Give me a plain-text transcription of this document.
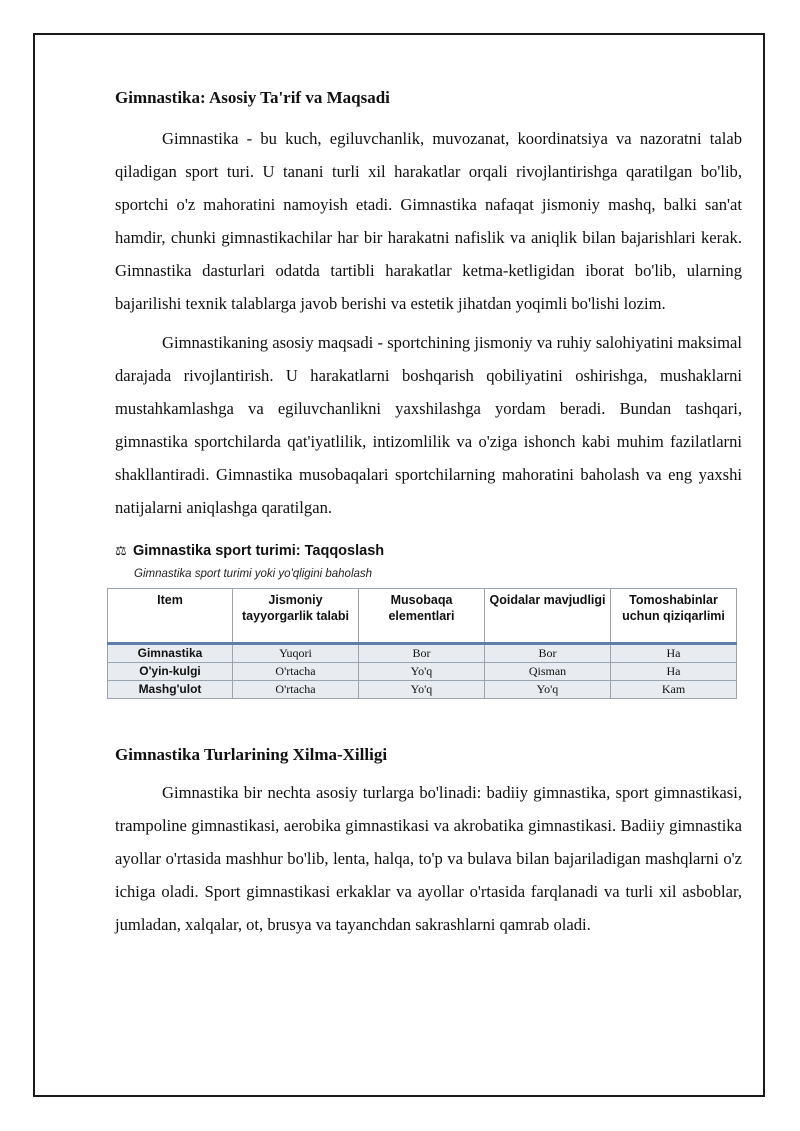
Gimnastika: Asosiy Ta'rif va Maqsadi

Gimnastika - bu kuch, egiluvchanlik, muvozanat, koordinatsiya va nazoratni talab qiladigan sport turi. U tanani turli xil harakatlar orqali rivojlantirishga qaratilgan bo'lib, sportchi o'z mahoratini namoyish etadi. Gimnastika nafaqat jismoniy mashq, balki san'at hamdir, chunki gimnastikachilar har bir harakatni nafislik va aniqlik bilan bajarishlari kerak. Gimnastika dasturlari odatda tartibli harakatlar ketma-ketligidan iborat bo'lib, ularning bajarilishi texnik talablarga javob berishi va estetik jihatdan yoqimli bo'lishi lozim.

Gimnastikaning asosiy maqsadi - sportchining jismoniy va ruhiy salohiyatini maksimal darajada rivojlantirish. U harakatlarni boshqarish qobiliyatini oshirishga, mushaklarni mustahkamlashga va egiluvchanlikni yaxshilashga yordam beradi. Bundan tashqari, gimnastika sportchilarda qat'iyatlilik, intizomlilik va o'ziga ishonch kabi muhim fazilatlarni shakllantiradi. Gimnastika musobaqalari sportchilarning mahoratini baholash va eng yaxshi natijalarni aniqlashga qaratilgan.

⚖ Gimnastika sport turimi: Taqqoslash
Gimnastika sport turimi yoki yo'qligini baholash
Item	Jismoniy tayyorgarlik talabi	Musobaqa elementlari	Qoidalar mavjudligi	Tomoshabinlar uchun qiziqarlimi
Gimnastika	Yuqori	Bor	Bor	Ha
O'yin-kulgi	O'rtacha	Yo'q	Qisman	Ha
Mashg'ulot	O'rtacha	Yo'q	Yo'q	Kam
Gimnastika Turlarining Xilma-Xilligi

Gimnastika bir nechta asosiy turlarga bo'linadi: badiiy gimnastika, sport gimnastikasi, trampoline gimnastikasi, aerobika gimnastikasi va akrobatika gimnastikasi. Badiiy gimnastika ayollar o'rtasida mashhur bo'lib, lenta, halqa, to'p va bulava bilan bajariladigan mashqlarni o'z ichiga oladi. Sport gimnastikasi erkaklar va ayollar o'rtasida farqlanadi va turli xil asboblar, jumladan, xalqalar, ot, brusya va tayanchdan sakrashlarni qamrab oladi.
